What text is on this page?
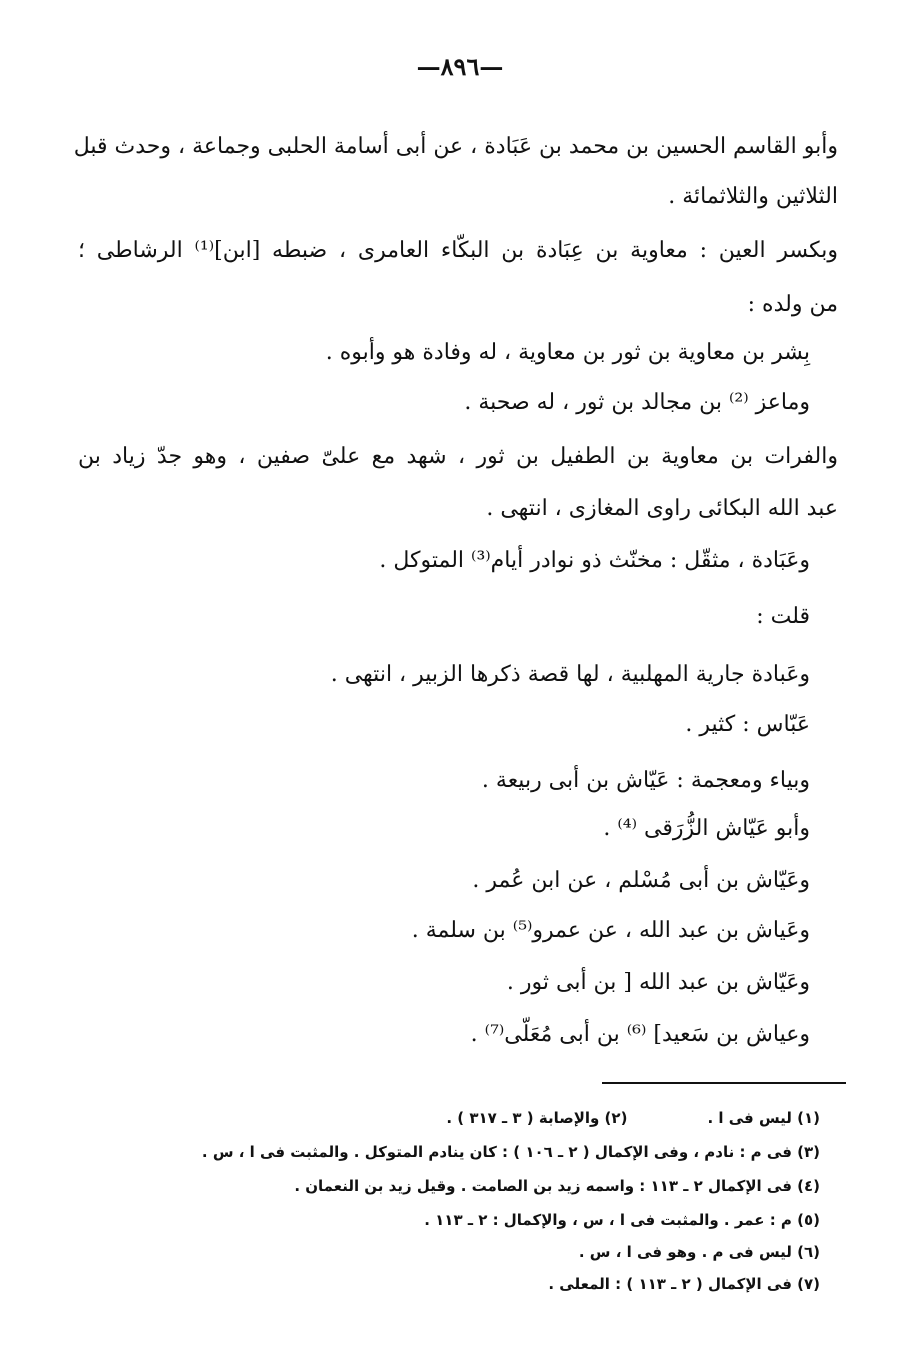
—٨٩٦—
وأبو القاسم الحسين بن محمد بن عَبَادة ، عن أبى أسامة الحلبى وجماعة ، وحدث قبل
الثلاثين والثلاثمائة .
وبكسر العين : معاوية بن عِبَادة بن البكّاء العامرى ، ضبطه [ابن]⁽¹⁾ الرشاطى ؛
من ولده :
بِشر بن معاوية بن ثور بن معاوية ، له وفادة هو وأبوه .
وماعز ⁽²⁾ بن مجالد بن ثور ، له صحبة .
والفرات بن معاوية بن الطفيل بن ثور ، شهد مع علىّ صفين ، وهو جدّ زياد بن
عبد الله البكائى راوى المغازى ، انتهى .
وعَبَادة ، مثقّل : مخنّث ذو نوادر أيام⁽³⁾ المتوكل .
قلت :
وعَبادة جارية المهلبية ، لها قصة ذكرها الزبير ، انتهى .
عَبّاس : كثير .
وبياء ومعجمة : عَيّاش بن أبى ربيعة .
وأبو عَيّاش الزُّرَقى ⁽⁴⁾ .
وعَيّاش بن أبى مُسْلم ، عن ابن عُمر .
وعَياش بن عبد الله ، عن عمرو⁽⁵⁾ بن سلمة .
وعَيّاش بن عبد الله [ بن أبى ثور .
وعياش بن سَعيد] ⁽⁶⁾ بن أبى مُعَلّى⁽⁷⁾ .
(١) ليس فى ا .(٢) والإصابة ( ٣ ـ ٣١٧ ) .
(٣) فى م : نادم ، وفى الإكمال ( ٢ ـ ١٠٦ ) : كان ينادم المتوكل . والمثبت فى ا ، س .
(٤) فى الإكمال ٢ ـ ١١٣ : واسمه زيد بن الصامت . وقيل زيد بن النعمان .
(٥) م : عمر . والمثبت فى ا ، س ، والإكمال : ٢ ـ ١١٣ .
(٦) ليس فى م . وهو فى ا ، س .
(٧) فى الإكمال ( ٢ ـ ١١٣ ) : المعلى .
